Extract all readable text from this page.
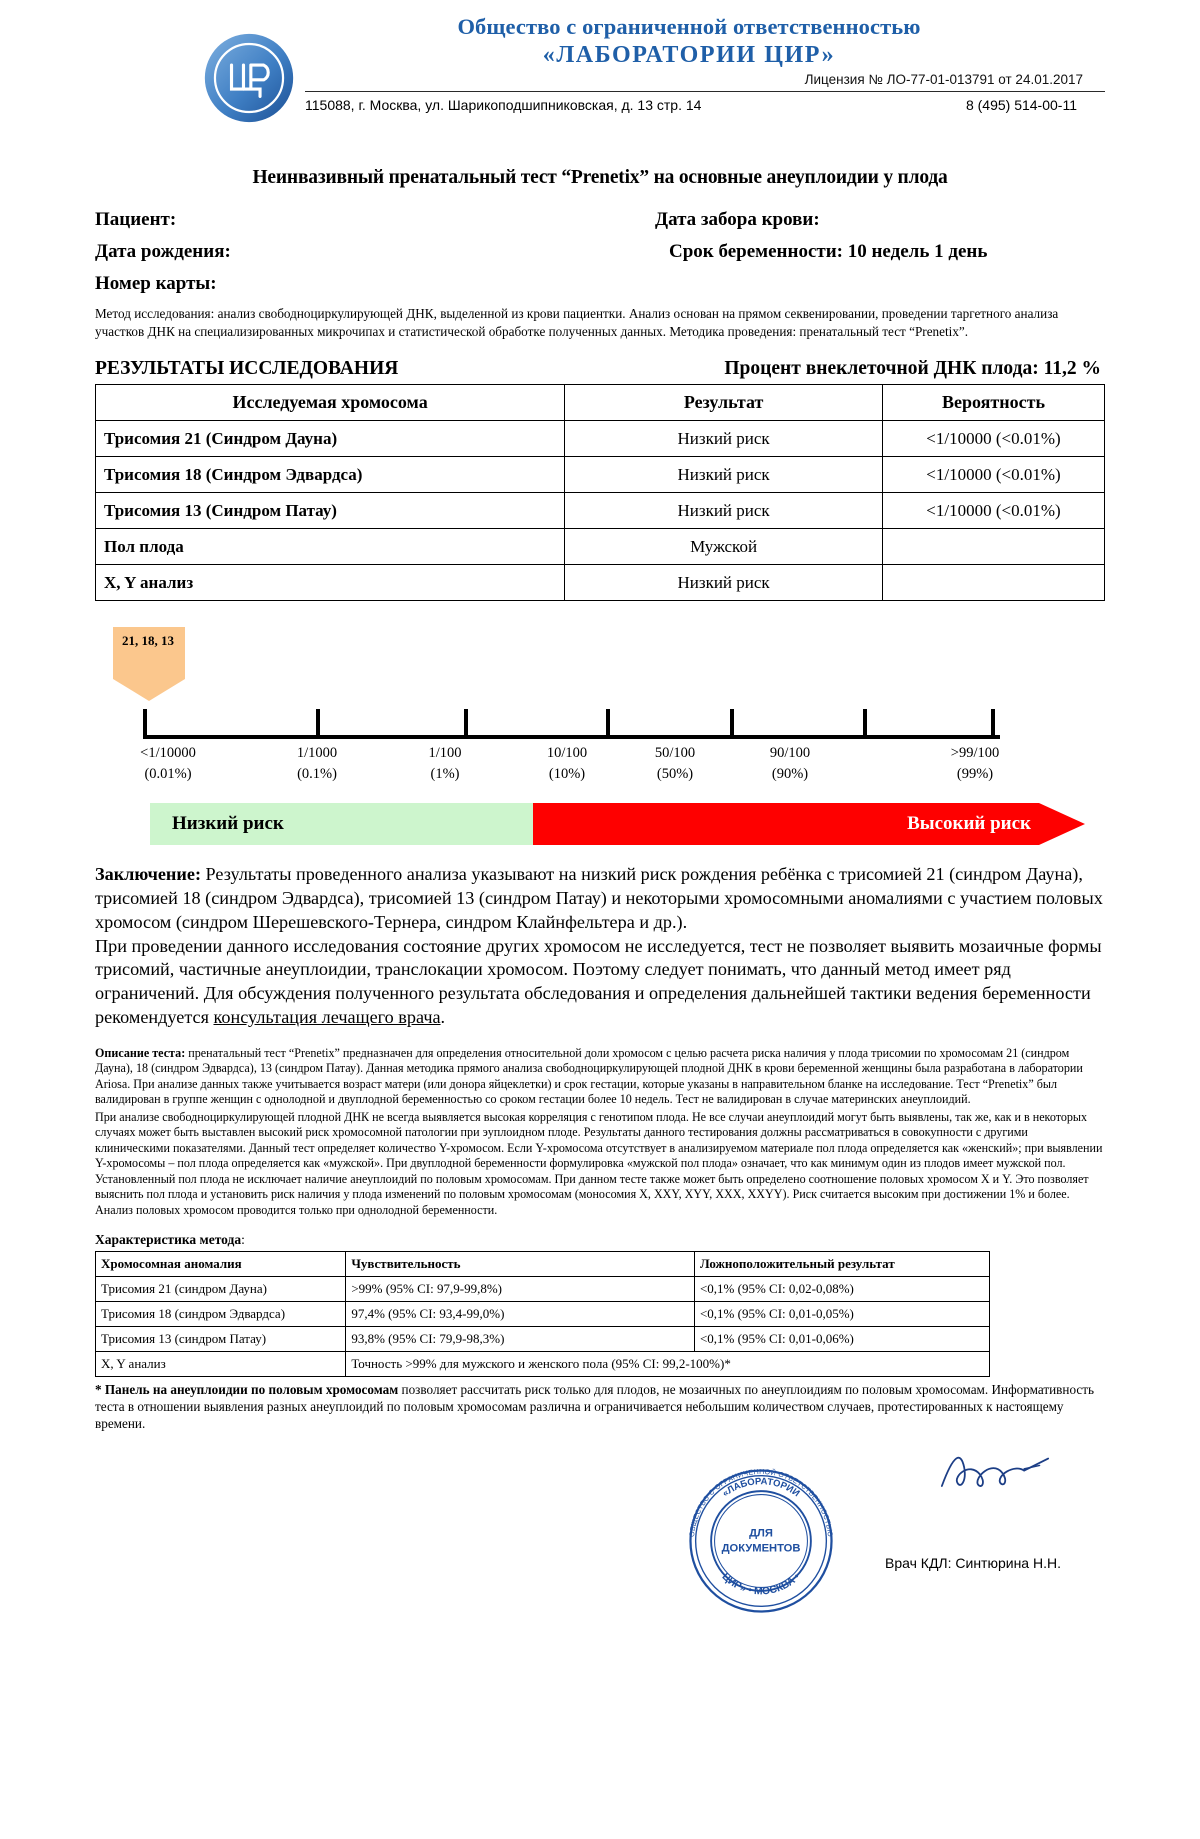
Общество с ограниченной ответственностью
«ЛАБОРАТОРИИ ЦИР»
Лицензия № ЛО-77-01-013791 от 24.01.2017
115088, г. Москва, ул. Шарикоподшипниковская, д. 13 стр. 14	8 (495) 514-00-11
Неинвазивный пренатальный тест “Prenetix” на основные анеуплоидии у плода
Пациент:	Дата забора крови:
Дата рождения:	Срок беременности: 10 недель 1 день
Номер карты:
Метод исследования: анализ свободноциркулирующей ДНК, выделенной из крови пациентки. Анализ основан на прямом секвенировании, проведении таргетного анализа участков ДНК на специализированных микрочипах и статистической обработке полученных данных. Методика проведения: пренатальный тест “Prenetix”.
РЕЗУЛЬТАТЫ ИССЛЕДОВАНИЯ	Процент внеклеточной ДНК плода: 11,2 %
Исследуемая хромосома	Результат	Вероятность
Трисомия 21 (Синдром Дауна)	Низкий риск	<1/10000 (<0.01%)
Трисомия 18 (Синдром Эдвардса)	Низкий риск	<1/10000 (<0.01%)
Трисомия 13 (Синдром Патау)	Низкий риск	<1/10000 (<0.01%)
Пол плода	Мужской	
X, Y анализ	Низкий риск	
21, 18, 13
<1/10000
(0.01%)
1/1000
(0.1%)
1/100
(1%)
10/100
(10%)
50/100
(50%)
90/100
(90%)
>99/100
(99%)
Низкий риск	Высокий риск

Заключение: Результаты проведенного анализа указывают на низкий риск рождения ребёнка с трисомией 21 (синдром Дауна), трисомией 18 (синдром Эдвардса), трисомией 13 (синдром Патау) и некоторыми хромосомными аномалиями с участием половых хромосом (синдром Шерешевского-Тернера, синдром Клайнфельтера и др.).

При проведении данного исследования состояние других хромосом не исследуется, тест не позволяет выявить мозаичные формы трисомий, частичные анеуплоидии, транслокации хромосом. Поэтому следует понимать, что данный метод имеет ряд ограничений. Для обсуждения полученного результата обследования и определения дальнейшей тактики ведения беременности рекомендуется консультация лечащего врача.

Описание теста: пренатальный тест “Prenetix” предназначен для определения относительной доли хромосом с целью расчета риска наличия у плода трисомии по хромосомам 21 (синдром Дауна), 18 (синдром Эдвардса), 13 (синдром Патау). Данная методика прямого анализа свободноциркулирующей плодной ДНК в крови беременной женщины была разработана в лаборатории Ariosa. При анализе данных также учитывается возраст матери (или донора яйцеклетки) и срок гестации, которые указаны в направительном бланке на исследование. Тест “Prenetix” был валидирован в группе женщин с однолодной и двуплодной беременностью со сроком гестации более 10 недель. Тест не валидирован в случае материнских анеуплоидий.

При анализе свободноциркулирующей плодной ДНК не всегда выявляется высокая корреляция с генотипом плода. Не все случаи анеуплоидий могут быть выявлены, так же, как и в некоторых случаях может быть выставлен высокий риск хромосомной патологии при эуплоидном плоде. Результаты данного тестирования должны рассматриваться в совокупности с другими клиническими показателями. Данный тест определяет количество Y-хромосом. Если Y-хромосома отсутствует в анализируемом материале пол плода определяется как «женский»; при выявлении Y-хромосомы – пол плода определяется как «мужской». При двуплодной беременности формулировка «мужской пол плода» означает, что как минимум один из плодов имеет мужской пол. Установленный пол плода не исключает наличие анеуплоидий по половым хромосомам. При данном тесте также может быть определено соотношение половых хромосом X и Y. Это позволяет выяснить пол плода и установить риск наличия у плода изменений по половым хромосомам (моносомия X, XXY, XYY, XXX, XXYY). Риск считается высоким при достижении 1% и более. Анализ половых хромосом проводится только при однолодной беременности.

Характеристика метода:
Хромосомная аномалия	Чувствительность	Ложноположительный результат
Трисомия 21 (синдром Дауна)	>99% (95% CI: 97,9-99,8%)	<0,1% (95% CI: 0,02-0,08%)
Трисомия 18 (синдром Эдвардса)	97,4% (95% CI: 93,4-99,0%)	<0,1% (95% CI: 0,01-0,05%)
Трисомия 13 (синдром Патау)	93,8% (95% CI: 79,9-98,3%)	<0,1% (95% CI: 0,01-0,06%)
X, Y анализ	Точность >99% для мужского и женского пола (95% CI: 99,2-100%)*	
* Панель на анеуплоидии по половым хромосомам позволяет рассчитать риск только для плодов, не мозаичных по анеуплоидиям по половым хромосомам. Информативность теста в отношении выявления разных анеуплоидий по половым хромосомам различна и ограничивается небольшим количеством случаев, протестированных к настоящему времени.
ОБЩЕСТВО С ОГРАНИЧЕННОЙ ОТВЕТСТВЕННОСТЬЮ
«ЛАБОРАТОРИИ
ЦИР» • МОСКВА •
ДЛЯ
ДОКУМЕНТОВ
Врач КДЛ: Синтюрина Н.Н.
